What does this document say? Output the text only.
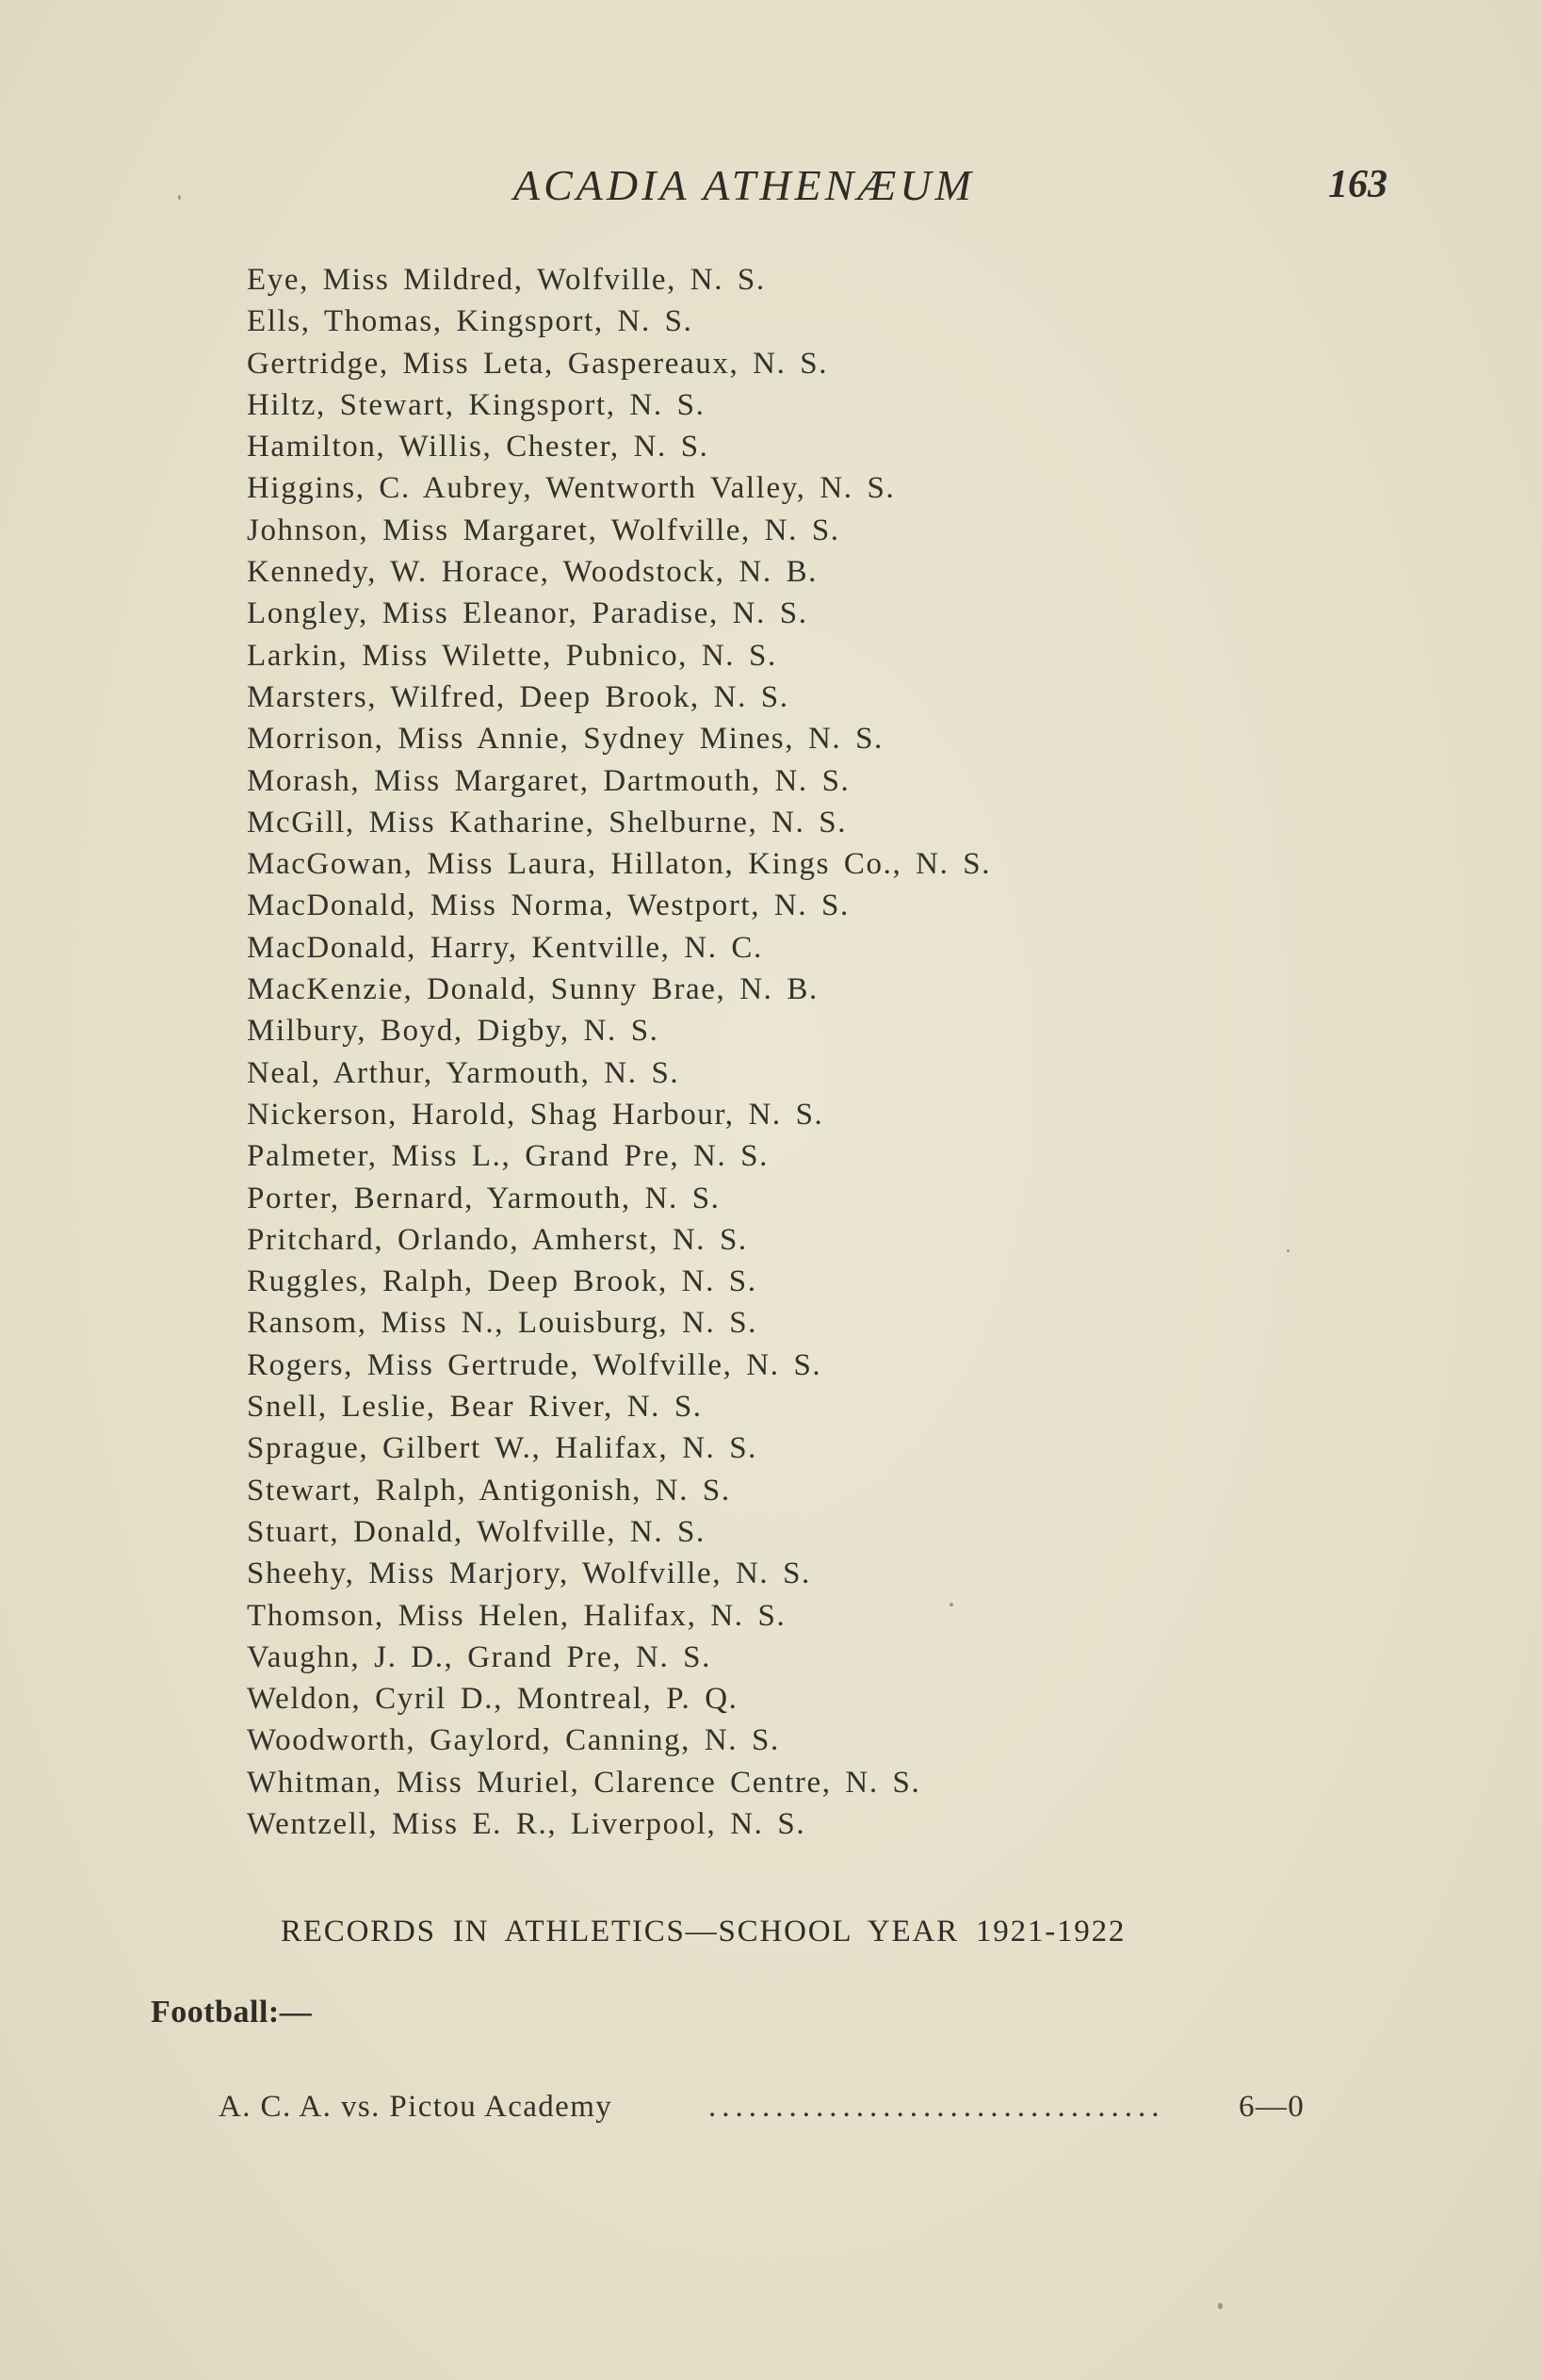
ACADIA ATHENÆUM	163
Eye, Miss Mildred, Wolfville, N. S.
Ells, Thomas, Kingsport, N. S.
Gertridge, Miss Leta, Gaspereaux, N. S.
Hiltz, Stewart, Kingsport, N. S.
Hamilton, Willis, Chester, N. S.
Higgins, C. Aubrey, Wentworth Valley, N. S.
Johnson, Miss Margaret, Wolfville, N. S.
Kennedy, W. Horace, Woodstock, N. B.
Longley, Miss Eleanor, Paradise, N. S.
Larkin, Miss Wilette, Pubnico, N. S.
Marsters, Wilfred, Deep Brook, N. S.
Morrison, Miss Annie, Sydney Mines, N. S.
Morash, Miss Margaret, Dartmouth, N. S.
McGill, Miss Katharine, Shelburne, N. S.
MacGowan, Miss Laura, Hillaton, Kings Co., N. S.
MacDonald, Miss Norma, Westport, N. S.
MacDonald, Harry, Kentville, N. C.
MacKenzie, Donald, Sunny Brae, N. B.
Milbury, Boyd, Digby, N. S.
Neal, Arthur, Yarmouth, N. S.
Nickerson, Harold, Shag Harbour, N. S.
Palmeter, Miss L., Grand Pre, N. S.
Porter, Bernard, Yarmouth, N. S.
Pritchard, Orlando, Amherst, N. S.
Ruggles, Ralph, Deep Brook, N. S.
Ransom, Miss N., Louisburg, N. S.
Rogers, Miss Gertrude, Wolfville, N. S.
Snell, Leslie, Bear River, N. S.
Sprague, Gilbert W., Halifax, N. S.
Stewart, Ralph, Antigonish, N. S.
Stuart, Donald, Wolfville, N. S.
Sheehy, Miss Marjory, Wolfville, N. S.
Thomson, Miss Helen, Halifax, N. S.
Vaughn, J. D., Grand Pre, N. S.
Weldon, Cyril D., Montreal, P. Q.
Woodworth, Gaylord, Canning, N. S.
Whitman, Miss Muriel, Clarence Centre, N. S.
Wentzell, Miss E. R., Liverpool, N. S.
RECORDS IN ATHLETICS—SCHOOL YEAR 1921-1922
Football:—
A. C. A. vs. Pictou Academy	..................................	6—0
